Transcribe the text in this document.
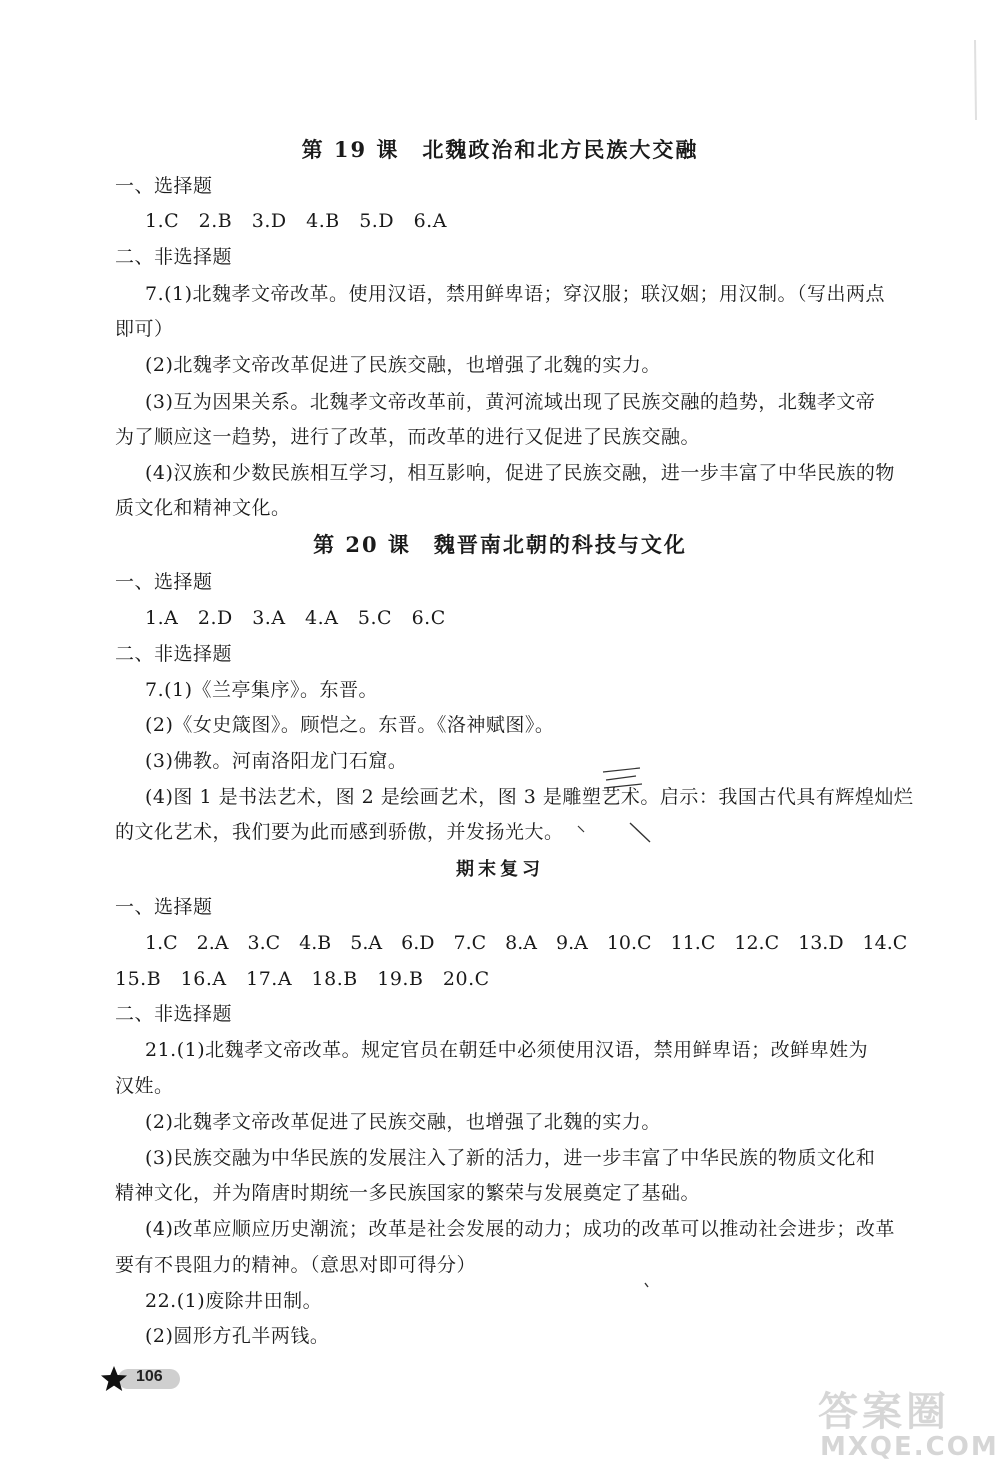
第 19 课　北魏政治和北方民族大交融
一、选择题
1.C　2.B　3.D　4.B　5.D　6.A
二、非选择题
7.(1)北魏孝文帝改革。使用汉语，禁用鲜卑语；穿汉服；联汉姻；用汉制。（写出两点
即可）
(2)北魏孝文帝改革促进了民族交融，也增强了北魏的实力。
(3)互为因果关系。北魏孝文帝改革前，黄河流域出现了民族交融的趋势，北魏孝文帝
为了顺应这一趋势，进行了改革，而改革的进行又促进了民族交融。
(4)汉族和少数民族相互学习，相互影响，促进了民族交融，进一步丰富了中华民族的物
质文化和精神文化。
第 20 课　魏晋南北朝的科技与文化
一、选择题
1.A　2.D　3.A　4.A　5.C　6.C
二、非选择题
7.(1)《兰亭集序》。东晋。
(2)《女史箴图》。顾恺之。东晋。《洛神赋图》。
(3)佛教。河南洛阳龙门石窟。
(4)图 1 是书法艺术，图 2 是绘画艺术，图 3 是雕塑艺术。启示：我国古代具有辉煌灿烂
的文化艺术，我们要为此而感到骄傲，并发扬光大。
期末复习
一、选择题
1.C　2.A　3.C　4.B　5.A　6.D　7.C　8.A　9.A　10.C　11.C　12.C　13.D　14.C
15.B　16.A　17.A　18.B　19.B　20.C
二、非选择题
21.(1)北魏孝文帝改革。规定官员在朝廷中必须使用汉语，禁用鲜卑语；改鲜卑姓为
汉姓。
(2)北魏孝文帝改革促进了民族交融，也增强了北魏的实力。
(3)民族交融为中华民族的发展注入了新的活力，进一步丰富了中华民族的物质文化和
精神文化，并为隋唐时期统一多民族国家的繁荣与发展奠定了基础。
(4)改革应顺应历史潮流；改革是社会发展的动力；成功的改革可以推动社会进步；改革
要有不畏阻力的精神。（意思对即可得分）
22.(1)废除井田制。
(2)圆形方孔半两钱。
106
答案圈
MXQE.COM
